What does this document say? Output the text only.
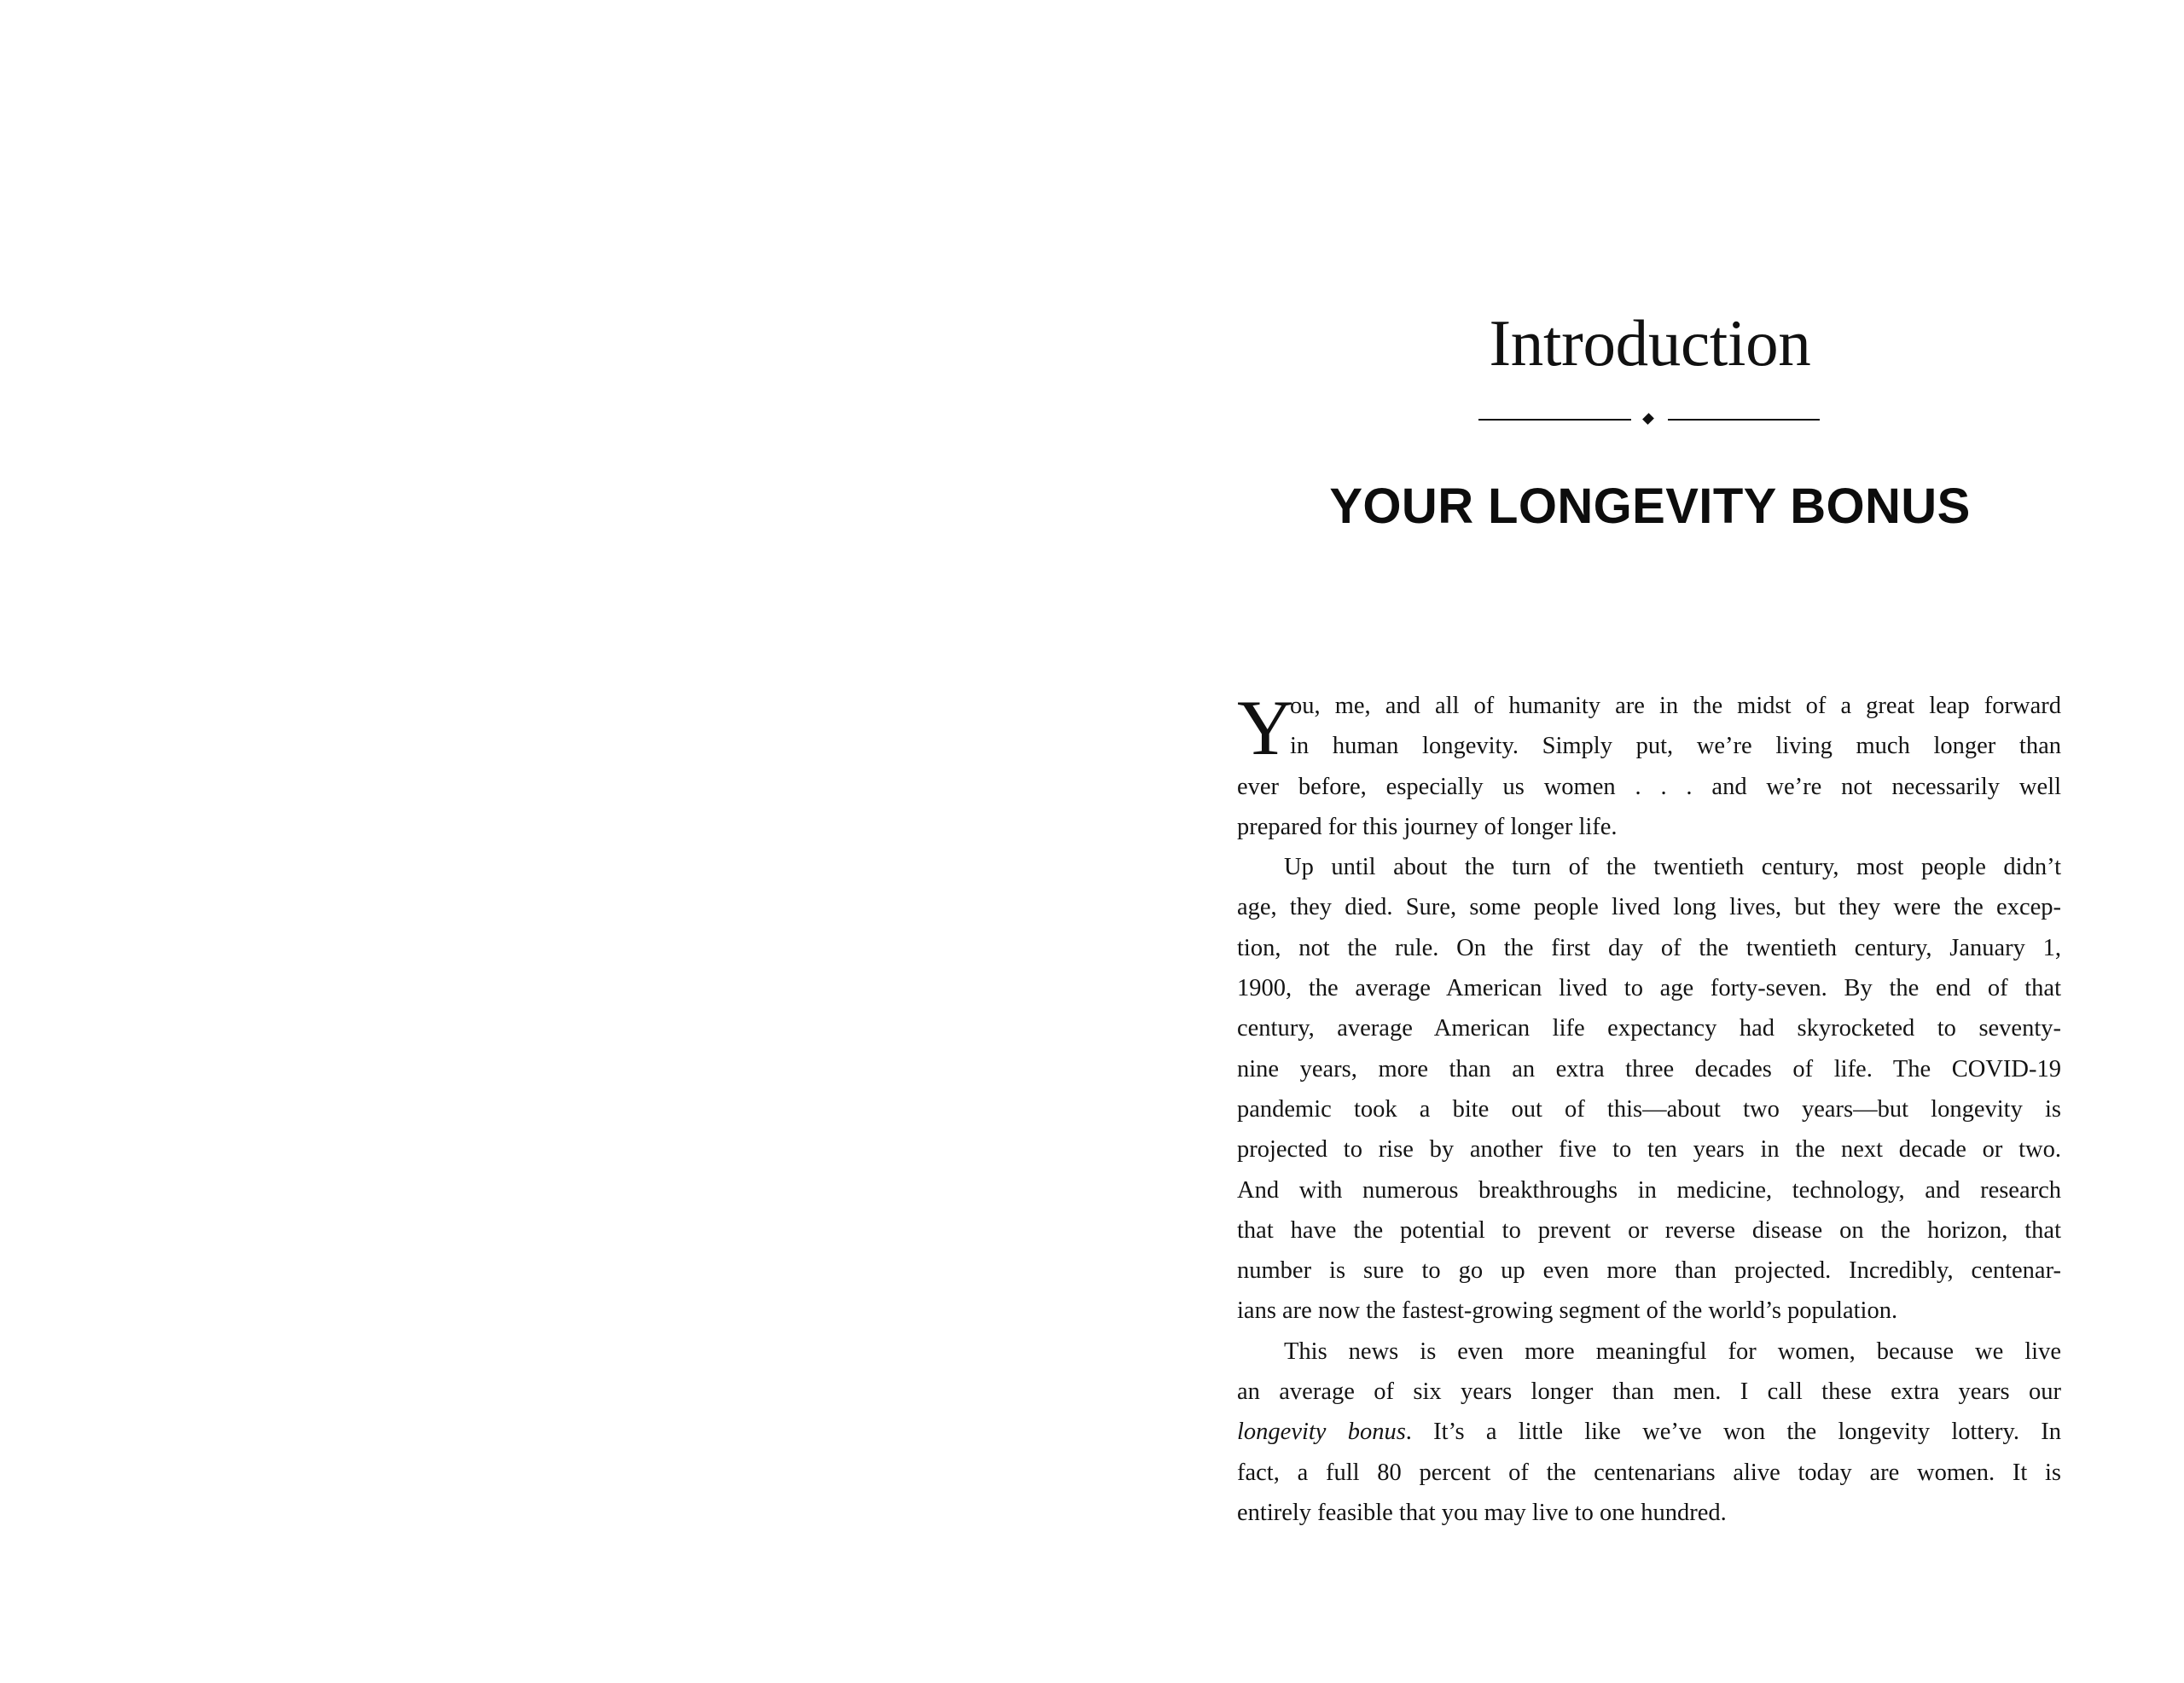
Introduction
YOUR LONGEVITY BONUS
Y
ou, me, and all of humanity are in the midst of a great leap forward
in human longevity. Simply put, we’re living much longer than
ever before, especially us women . . . and we’re not necessarily well
prepared for this journey of longer life.
Up until about the turn of the twentieth century, most people didn’t
age, they died. Sure, some people lived long lives, but they were the excep-
tion, not the rule. On the first day of the twentieth century, January 1,
1900, the average American lived to age forty-seven. By the end of that
century, average American life expectancy had skyrocketed to seventy-
nine years, more than an extra three decades of life. The COVID-19
pandemic took a bite out of this—about two years—but longevity is
projected to rise by another five to ten years in the next decade or two.
And with numerous breakthroughs in medicine, technology, and research
that have the potential to prevent or reverse disease on the horizon, that
number is sure to go up even more than projected. Incredibly, centenar-
ians are now the fastest-growing segment of the world’s population.
This news is even more meaningful for women, because we live
an average of six years longer than men. I call these extra years our
longevity bonus. It’s a little like we’ve won the longevity lottery. In
fact, a full 80 percent of the centenarians alive today are women. It is
entirely feasible that you may live to one hundred.
